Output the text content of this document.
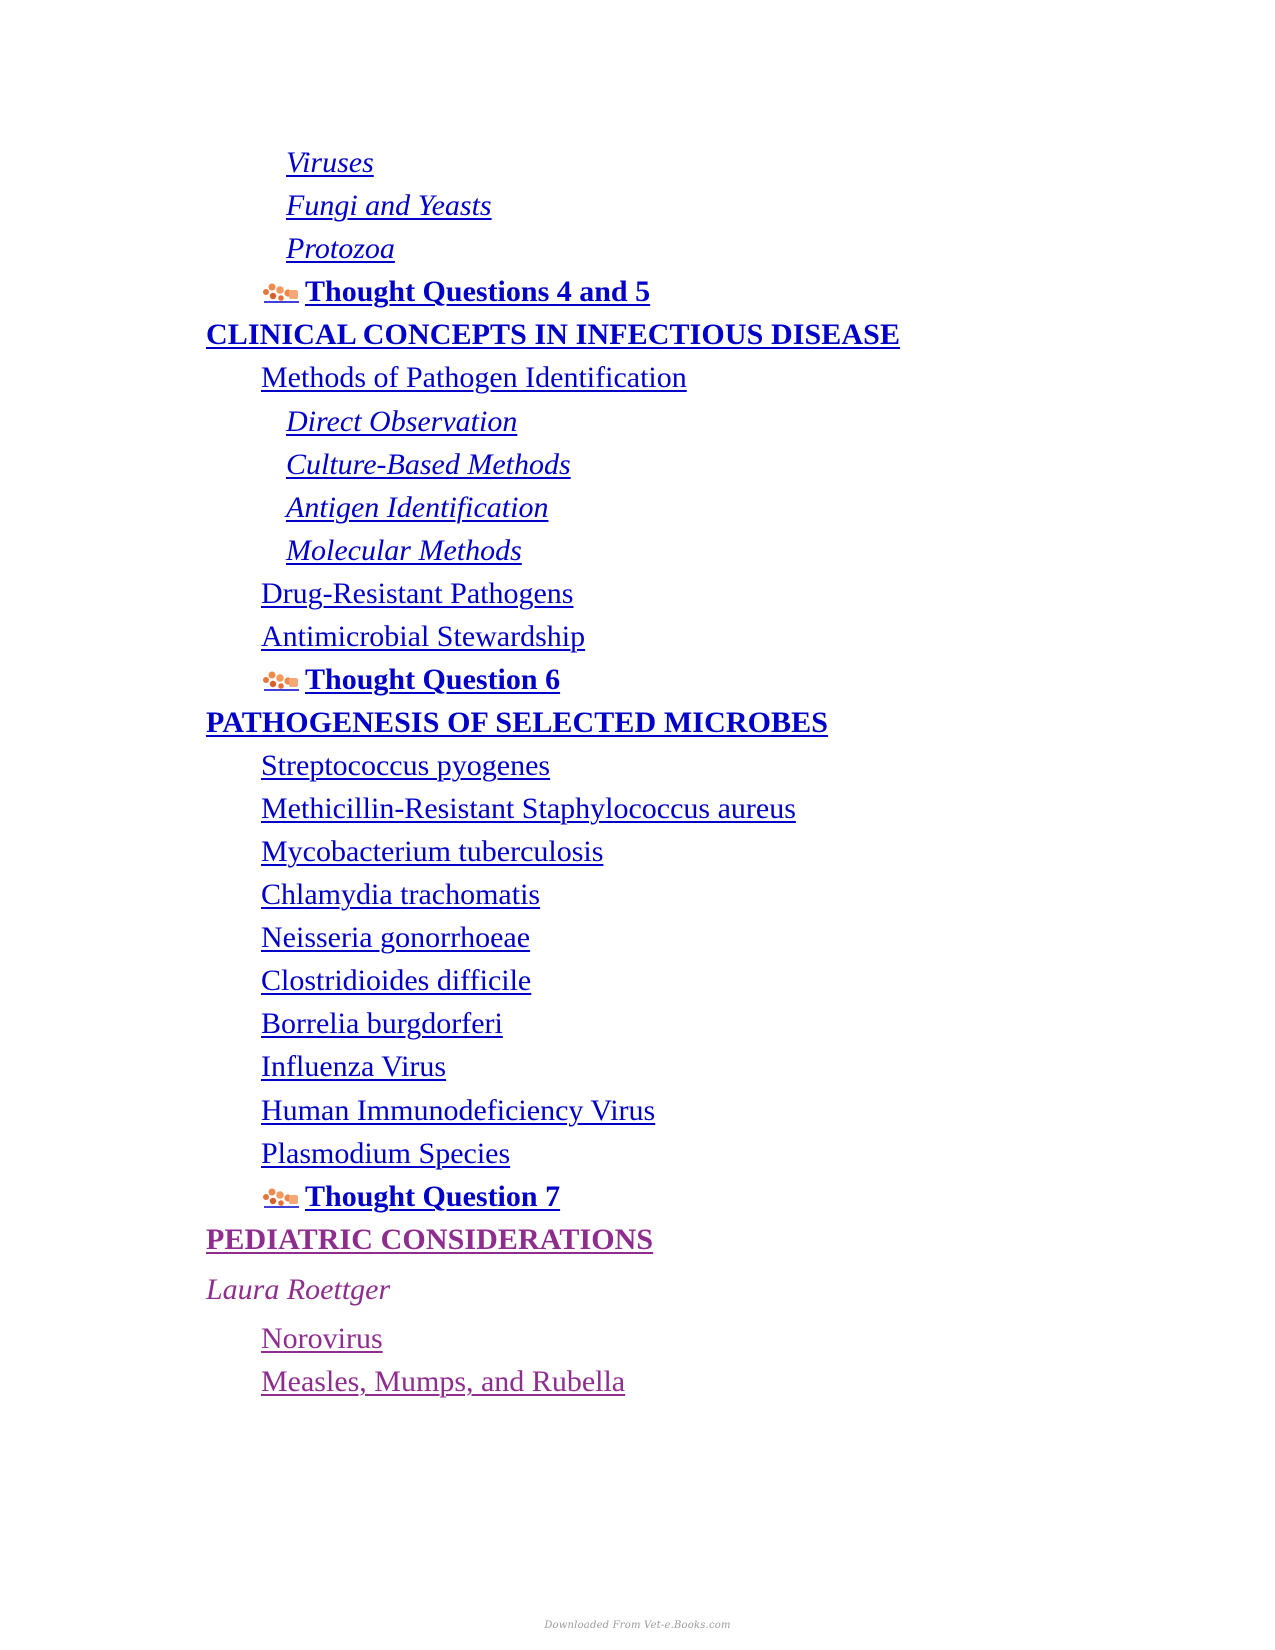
Viruses
Fungi and Yeasts
Protozoa
Thought Questions 4 and 5
CLINICAL CONCEPTS IN INFECTIOUS DISEASE
Methods of Pathogen Identification
Direct Observation
Culture-Based Methods
Antigen Identification
Molecular Methods
Drug-Resistant Pathogens
Antimicrobial Stewardship
Thought Question 6
PATHOGENESIS OF SELECTED MICROBES
Streptococcus pyogenes
Methicillin-Resistant Staphylococcus aureus
Mycobacterium tuberculosis
Chlamydia trachomatis
Neisseria gonorrhoeae
Clostridioides difficile
Borrelia burgdorferi
Influenza Virus
Human Immunodeficiency Virus
Plasmodium Species
Thought Question 7
PEDIATRIC CONSIDERATIONS
Laura Roettger
Norovirus
Measles, Mumps, and Rubella
Downloaded From Vet-e.Books.com
